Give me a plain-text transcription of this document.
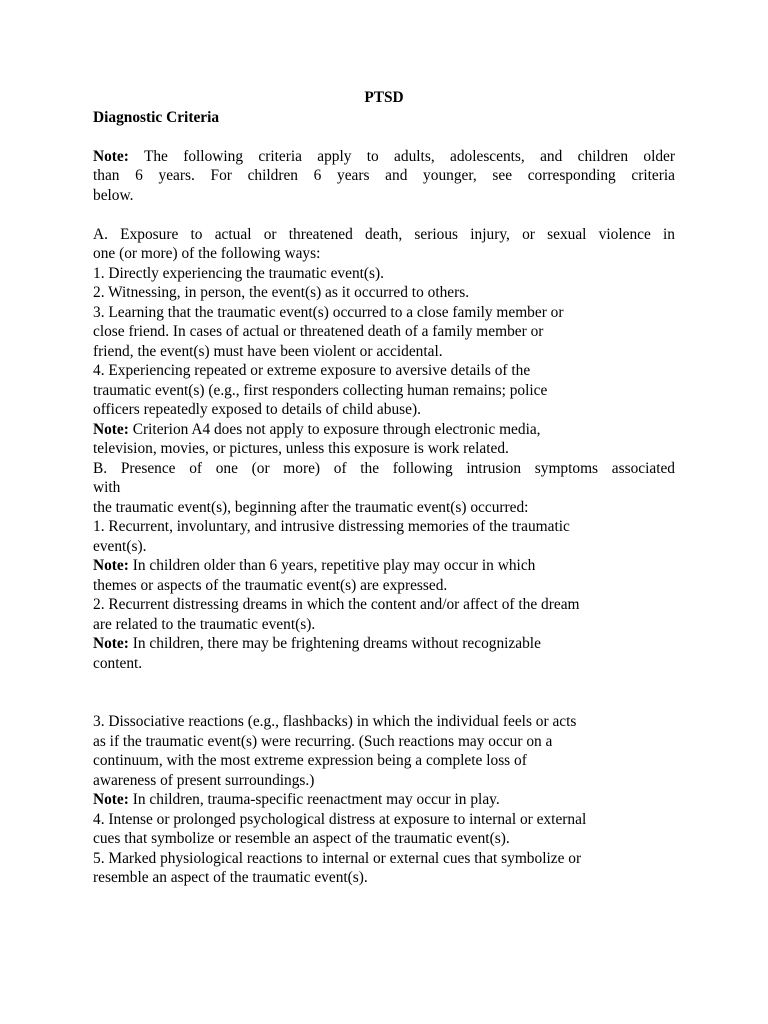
PTSD

Diagnostic Criteria

Note: The following criteria apply to adults, adolescents, and children older

than 6 years. For children 6 years and younger, see corresponding criteria

below.

A. Exposure to actual or threatened death, serious injury, or sexual violence in

one (or more) of the following ways:

1. Directly experiencing the traumatic event(s).

2. Witnessing, in person, the event(s) as it occurred to others.

3. Learning that the traumatic event(s) occurred to a close family member or

close friend. In cases of actual or threatened death of a family member or

friend, the event(s) must have been violent or accidental.

4. Experiencing repeated or extreme exposure to aversive details of the

traumatic event(s) (e.g., first responders collecting human remains; police

officers repeatedly exposed to details of child abuse).

Note: Criterion A4 does not apply to exposure through electronic media,

television, movies, or pictures, unless this exposure is work related.

B. Presence of one (or more) of the following intrusion symptoms associated

with

the traumatic event(s), beginning after the traumatic event(s) occurred:

1. Recurrent, involuntary, and intrusive distressing memories of the traumatic

event(s).

Note: In children older than 6 years, repetitive play may occur in which

themes or aspects of the traumatic event(s) are expressed.

2. Recurrent distressing dreams in which the content and/or affect of the dream

are related to the traumatic event(s).

Note: In children, there may be frightening dreams without recognizable

content.

3. Dissociative reactions (e.g., flashbacks) in which the individual feels or acts

as if the traumatic event(s) were recurring. (Such reactions may occur on a

continuum, with the most extreme expression being a complete loss of

awareness of present surroundings.)

Note: In children, trauma-specific reenactment may occur in play.

4. Intense or prolonged psychological distress at exposure to internal or external

cues that symbolize or resemble an aspect of the traumatic event(s).

5. Marked physiological reactions to internal or external cues that symbolize or

resemble an aspect of the traumatic event(s).
